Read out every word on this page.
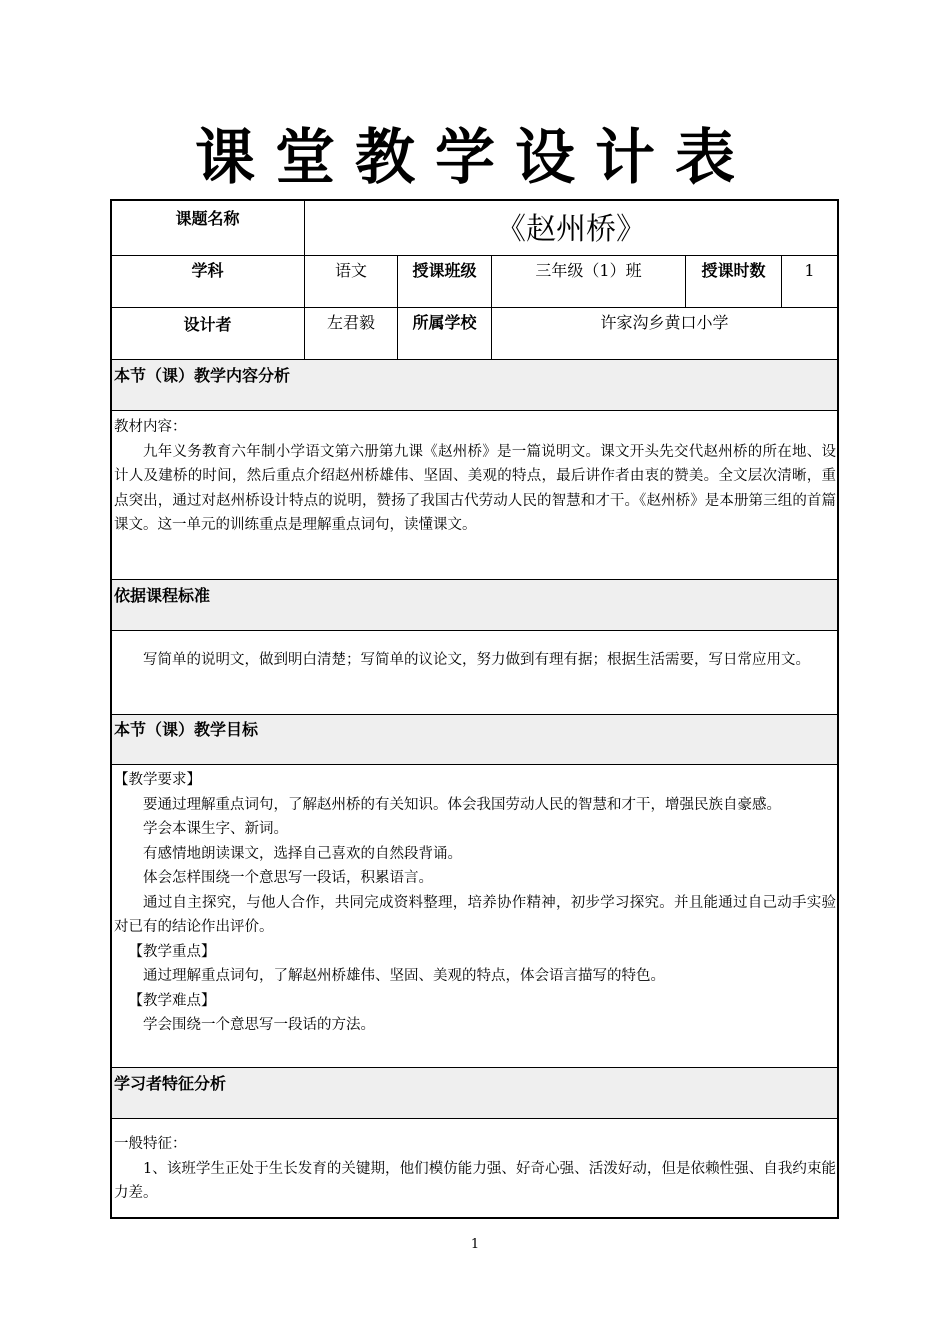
课堂教学设计表
课题名称	《赵州桥》
学科	语文	授课班级	三年级（1）班	授课时数	1
设计者	左君毅	所属学校	许家沟乡黄口小学
本节（课）教学内容分析

教材内容：

九年义务教育六年制小学语文第六册第九课《赵州桥》是一篇说明文。课文开头先交代赵州桥的所在地、设计人及建桥的时间，然后重点介绍赵州桥雄伟、坚固、美观的特点，最后讲作者由衷的赞美。全文层次清晰，重点突出，通过对赵州桥设计特点的说明，赞扬了我国古代劳动人民的智慧和才干。《赵州桥》是本册第三组的首篇课文。这一单元的训练重点是理解重点词句，读懂课文。

依据课程标准

写简单的说明文，做到明白清楚；写简单的议论文，努力做到有理有据；根据生活需要，写日常应用文。

本节（课）教学目标

【教学要求】

要通过理解重点词句，了解赵州桥的有关知识。体会我国劳动人民的智慧和才干，增强民族自豪感。

学会本课生字、新词。

有感情地朗读课文，选择自己喜欢的自然段背诵。

体会怎样围绕一个意思写一段话，积累语言。

通过自主探究，与他人合作，共同完成资料整理，培养协作精神，初步学习探究。并且能通过自己动手实验对已有的结论作出评价。

【教学重点】

通过理解重点词句，了解赵州桥雄伟、坚固、美观的特点，体会语言描写的特色。

【教学难点】

学会围绕一个意思写一段话的方法。

学习者特征分析

一般特征：

1、该班学生正处于生长发育的关键期，他们模仿能力强、好奇心强、活泼好动，但是依赖性强、自我约束能力差。

1
